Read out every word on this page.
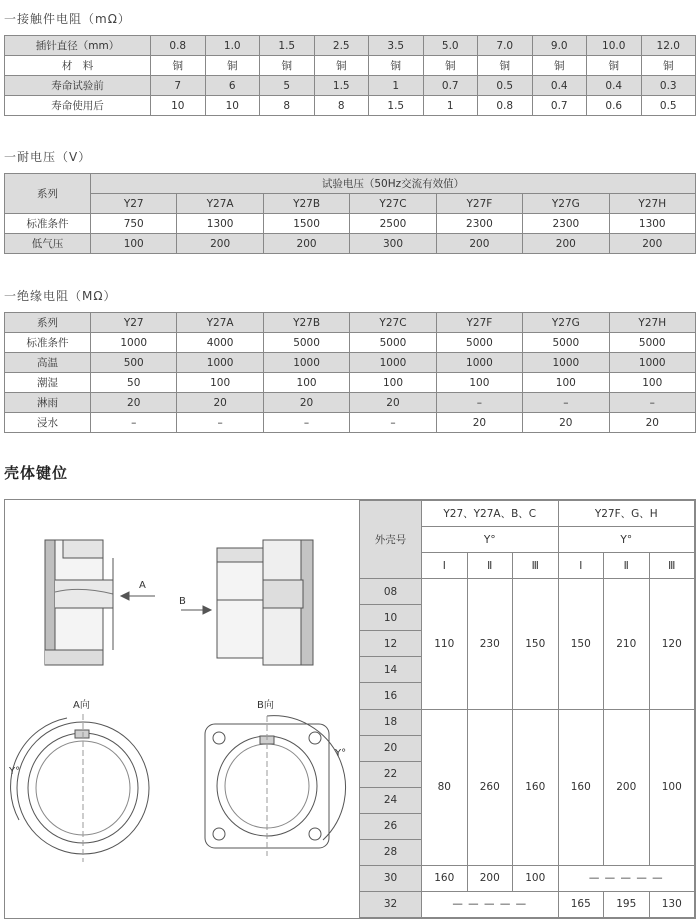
一接触件电阻（mΩ）
插针直径（mm）	0.8	1.0	1.5	2.5	3.5	5.0	7.0	9.0	10.0	12.0
材　料	铜	铜	铜	铜	铜	铜	铜	铜	铜	铜
寿命试验前	7	6	5	1.5	1	0.7	0.5	0.4	0.4	0.3
寿命使用后	10	10	8	8	1.5	1	0.8	0.7	0.6	0.5
一耐电压（V）
系列	试验电压（50Hz交流有效值）						
	Y27	Y27A	Y27B	Y27C	Y27F	Y27G	Y27H
标准条件	750	1300	1500	2500	2300	2300	1300
低气压	100	200	200	300	200	200	200
一绝缘电阻（MΩ）
系列	Y27	Y27A	Y27B	Y27C	Y27F	Y27G	Y27H
标准条件	1000	4000	5000	5000	5000	5000	5000
高温	500	1000	1000	1000	1000	1000	1000
潮湿	50	100	100	100	100	100	100
淋雨	20	20	20	20	–	–	–
浸水	–	–	–	–	20	20	20
壳体键位
A
B
A向	B向
Y°
Y°
外壳号	Y27、Y27A、B、C			Y27F、G、H		
	Y°			Y°		
	Ⅰ	Ⅱ	Ⅲ	Ⅰ	Ⅱ	Ⅲ
08	110	230	150	150	210	120
10						
12						
14						
16						
18	80	260	160	160	200	100
20						
22						
24						
26						
28						
30	160	200	100	— — — — —		
32	— — — — —			165	195	130
